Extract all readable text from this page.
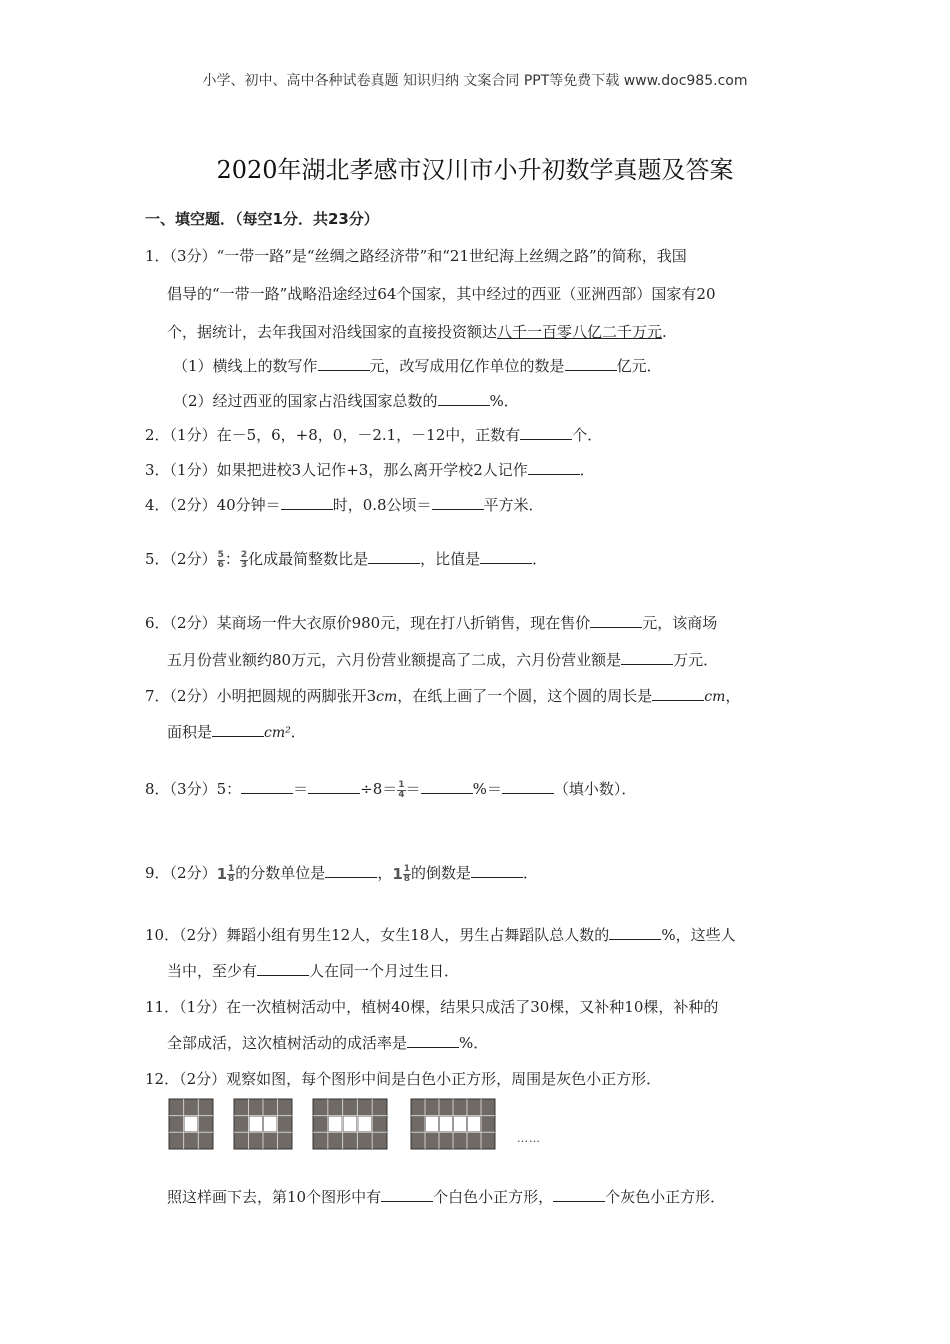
小学、初中、高中各种试卷真题 知识归纳 文案合同 PPT等免费下载 www.doc985.com
2020年湖北孝感市汉川市小升初数学真题及答案
一、填空题．（每空1分．共23分）
1．（3分）“一带一路”是“丝绸之路经济带”和“21世纪海上丝绸之路”的简称，我国
倡导的“一带一路”战略沿途经过64个国家，其中经过的西亚（亚洲西部）国家有20
个，据统计，去年我国对沿线国家的直接投资额达八千一百零八亿二千万元.
（1）横线上的数写作	元，改写成用亿作单位的数是	亿元．
（2）经过西亚的国家占沿线国家总数的	%．
2．（1分）在－5，6，+8，0，－2.1，－12中，正数有	个．
3．（1分）如果把进校3人记作+3，那么离开学校2人记作	．
4．（2分）40分钟＝	时，0.8公顷＝	平方米．
5．（2分） $\frac{5}{6}$ ： $\frac{2}{3}$ 化成最简整数比是	，比值是	．
6．（2分）某商场一件大衣原价980元，现在打八折销售，现在售价	元，该商场
五月份营业额约80万元，六月份营业额提高了二成，六月份营业额是	万元．
7．（2分）小明把圆规的两脚张开3cm，在纸上画了一个圆，这个圆的周长是	cm，
面积是	cm²．
8．（3分）5：	＝	$\div 8= \frac{1}{4}$ ＝	%＝	（填小数）．
9．（2分）$1 \frac{1}{8}$ 的分数单位是	，$1 \frac{1}{8}$ 的倒数是	．
10．（2分）舞蹈小组有男生12人，女生18人，男生占舞蹈队总人数的	%，这些人
当中，至少有	人在同一个月过生日．
11．（1分）在一次植树活动中，植树40棵，结果只成活了30棵，又补种10棵，补种的
全部成活，这次植树活动的成活率是	%．
12．（2分）观察如图，每个图形中间是白色小正方形，周围是灰色小正方形．
……
照这样画下去，第10个图形中有	个白色小正方形，	个灰色小正方形．
